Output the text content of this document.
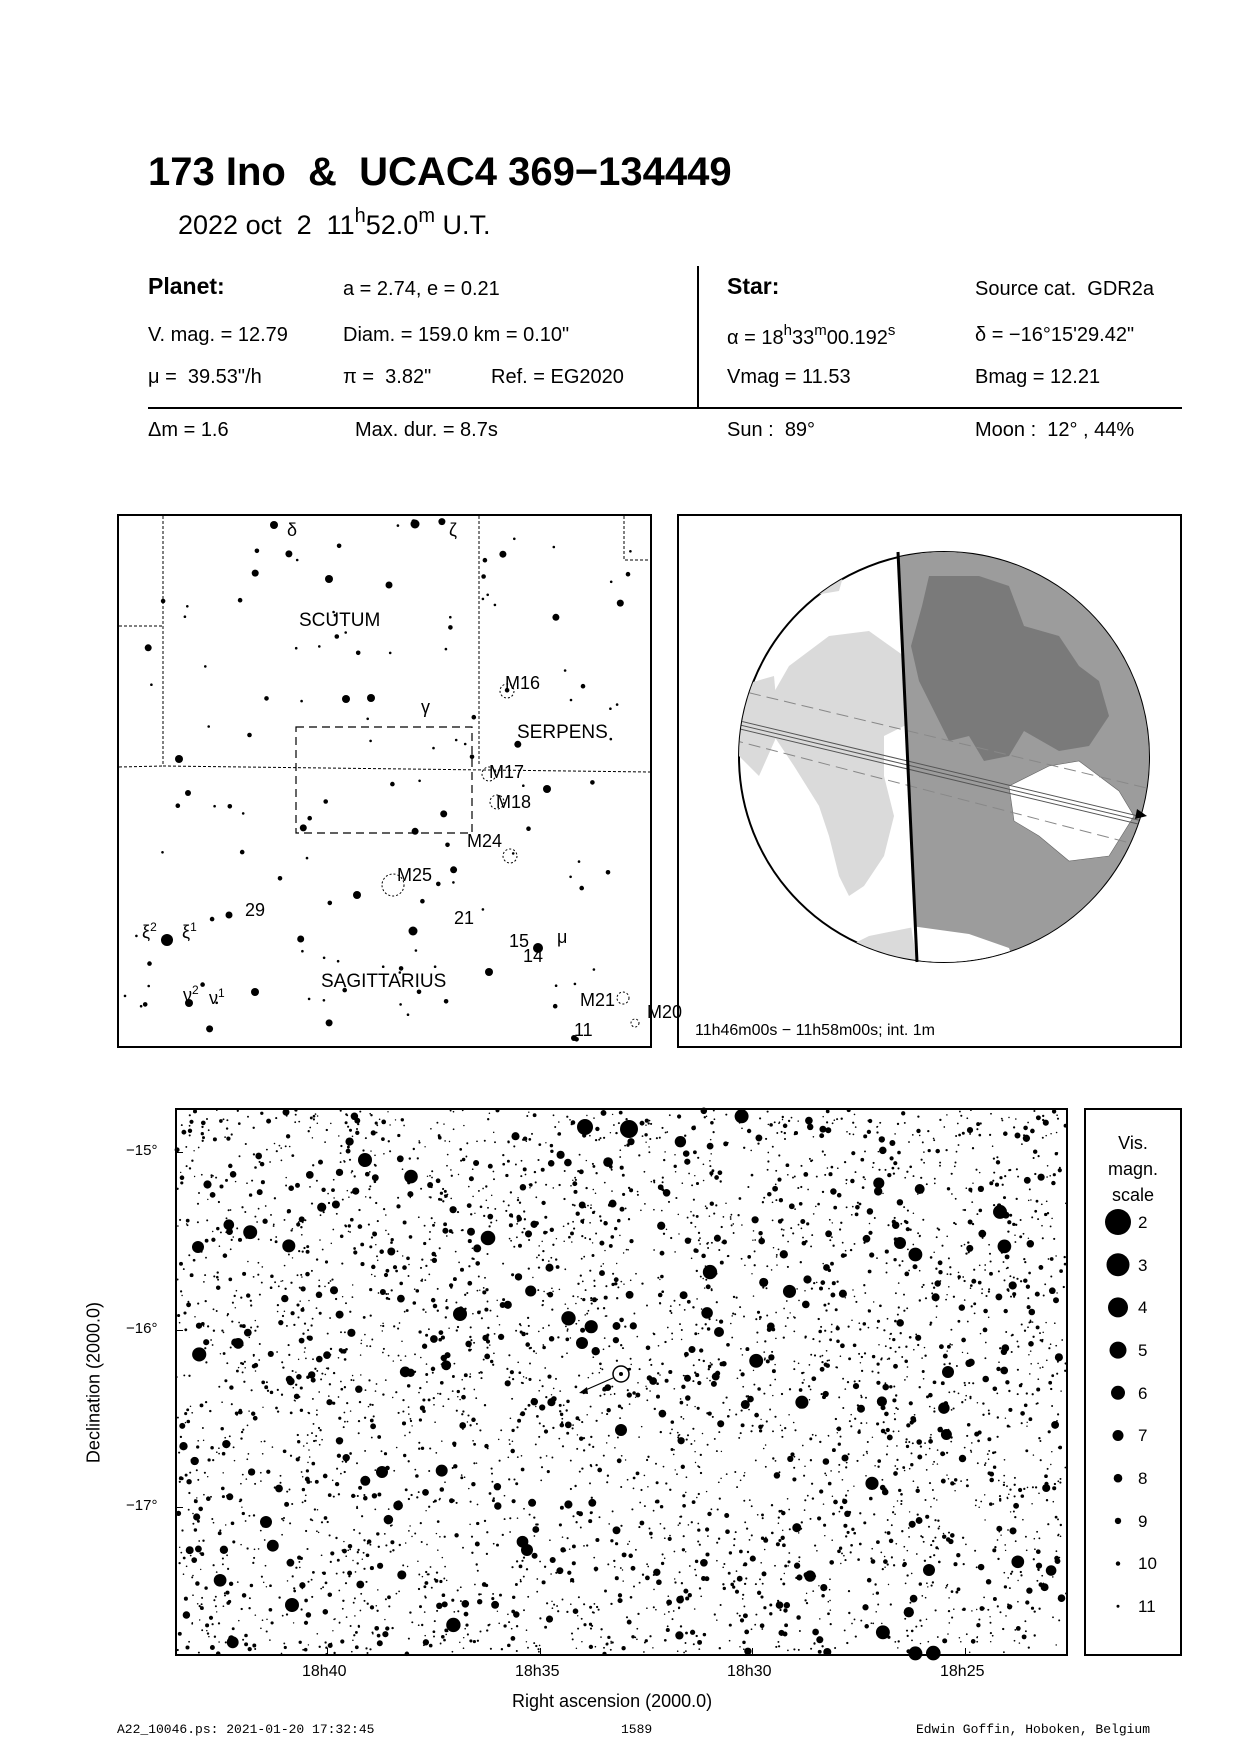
173 Ino  &  UCAC4 369−134449
2022 oct  2  11$^h$52.0$^m$ U.T.
Planet:	a = 2.74, e = 0.21
V. mag. = 12.79	Diam. = 159.0 km = 0.10"
μ =  39.53"/h	π =  3.82"	Ref. = EG2020
Star:	Source cat.  GDR2a
$\alpha = 18^h33^m00.192^s$	δ = −16°15'29.42"
Vmag = 11.53	Bmag = 12.21
Δm = 1.6	Max. dur. = 8.7s	Sun :  89°	Moon :  12° , 44%
SCUTUM
SERPENS
SAGITTARIUS
M16
M17
M18
M24
M25
M21
M20
δ	ζ
γ
29	21
15
14
11
μ
$\xi^2$ $\xi^1$
$\nu^2$ $\nu^1$
11h46m00s − 11h58m00s; int. 1m
−15°
−16°
−17°
18h40	18h35	18h30	18h25
Right ascension (2000.0)
Declination (2000.0)
Vis.
magn.
scale
2
3
4
5
6
7
8
9
10
11
A22_10046.ps: 2021-01-20 17:32:45	1589	Edwin Goffin, Hoboken, Belgium
